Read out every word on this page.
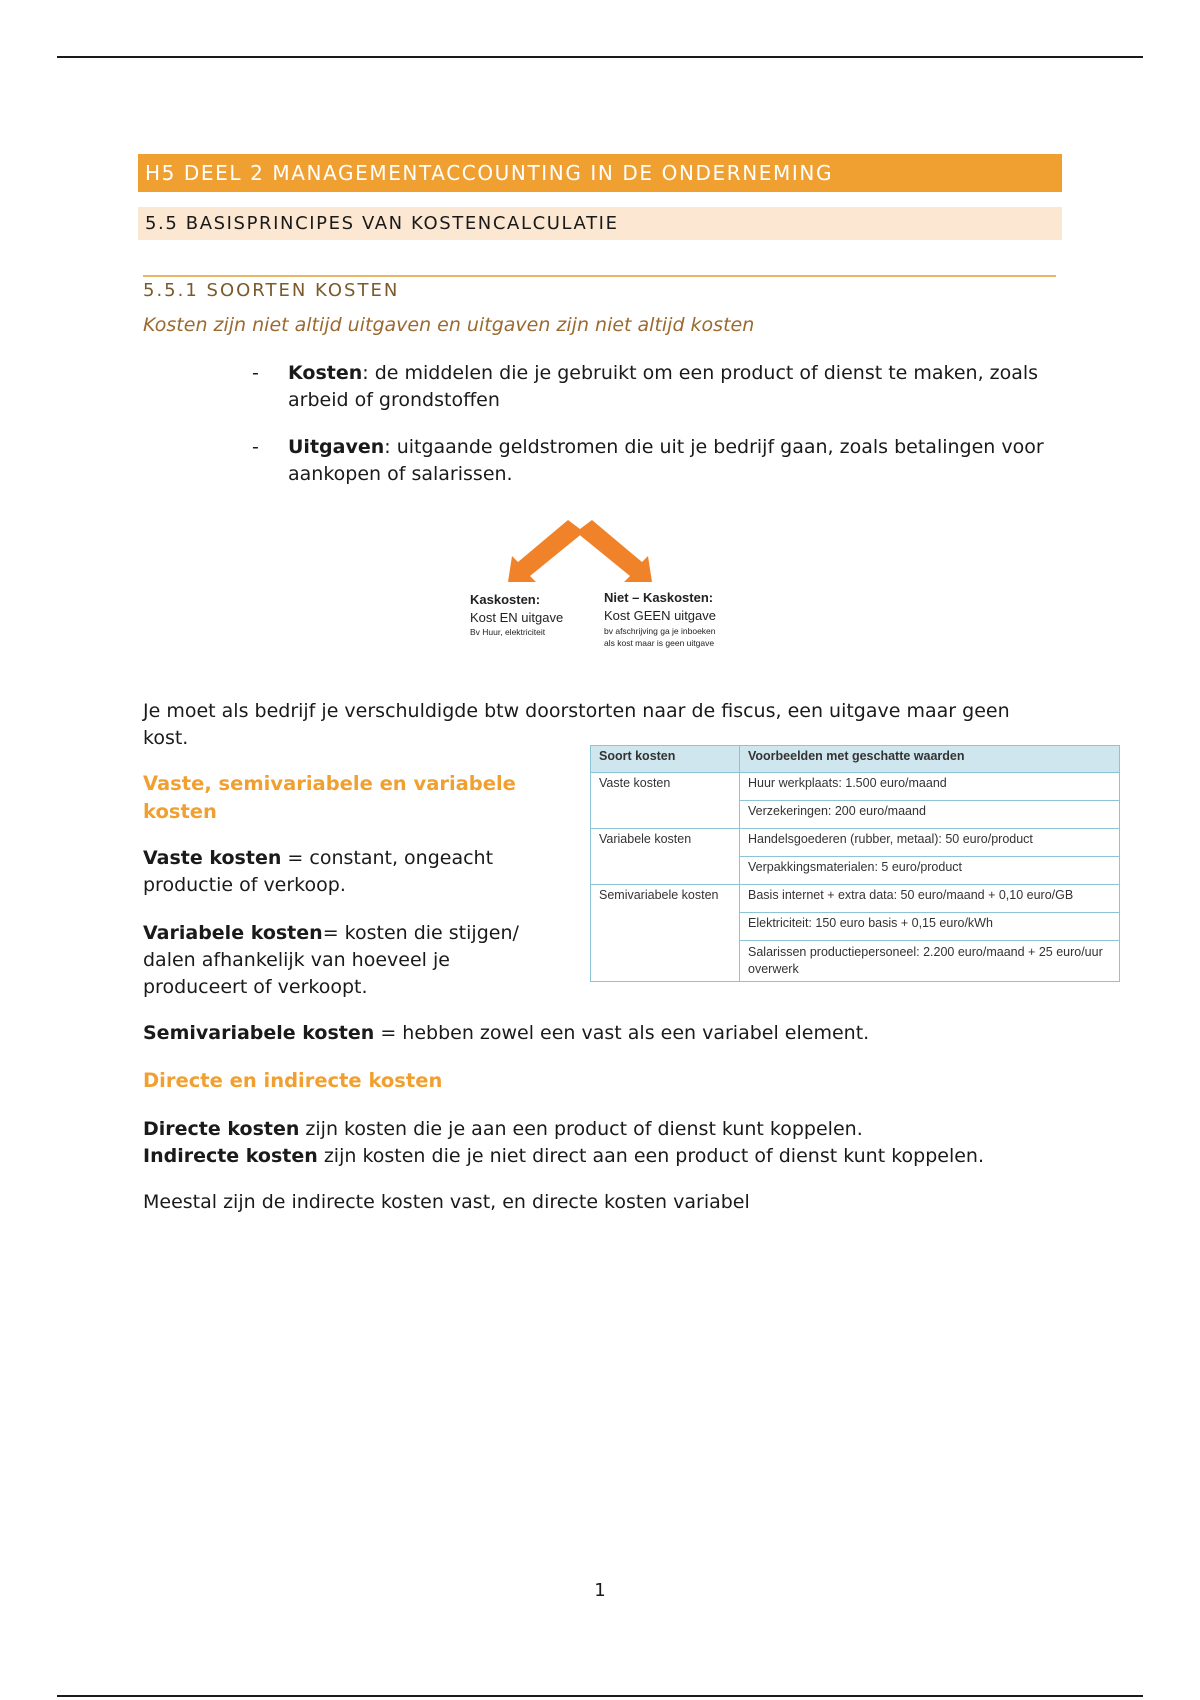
H5 DEEL 2 MANAGEMENTACCOUNTING IN DE ONDERNEMING
5.5 BASISPRINCIPES VAN KOSTENCALCULATIE
5.5.1 SOORTEN KOSTEN
Kosten zijn niet altijd uitgaven en uitgaven zijn niet altijd kosten
-	Kosten: de middelen die je gebruikt om een product of dienst te maken, zoals arbeid of grondstoffen
-	Uitgaven: uitgaande geldstromen die uit je bedrijf gaan, zoals betalingen voor aankopen of salarissen.
Kaskosten:
Kost EN uitgave
Bv Huur, elektriciteit
Niet – Kaskosten:
Kost GEEN uitgave
bv afschrijving ga je inboeken als kost maar is geen uitgave
Je moet als bedrijf je verschuldigde btw doorstorten naar de fiscus, een uitgave maar geen kost.
Vaste, semivariabele en variabele kosten
Vaste kosten = constant, ongeacht productie of verkoop.
Variabele kosten= kosten die stijgen/ dalen afhankelijk van hoeveel je produceert of verkoopt.
Soort kosten	Voorbeelden met geschatte waarden
Vaste kosten	Huur werkplaats: 1.500 euro/maand
	Verzekeringen: 200 euro/maand
Variabele kosten	Handelsgoederen (rubber, metaal): 50 euro/product
	Verpakkingsmaterialen: 5 euro/product
Semivariabele kosten	Basis internet + extra data: 50 euro/maand + 0,10 euro/GB
	Elektriciteit: 150 euro basis + 0,15 euro/kWh
	Salarissen productiepersoneel: 2.200 euro/maand + 25 euro/uur overwerk
Semivariabele kosten = hebben zowel een vast als een variabel element.
Directe en indirecte kosten
Directe kosten zijn kosten die je aan een product of dienst kunt koppelen.
Indirecte kosten zijn kosten die je niet direct aan een product of dienst kunt koppelen.
Meestal zijn de indirecte kosten vast, en directe kosten variabel
1
